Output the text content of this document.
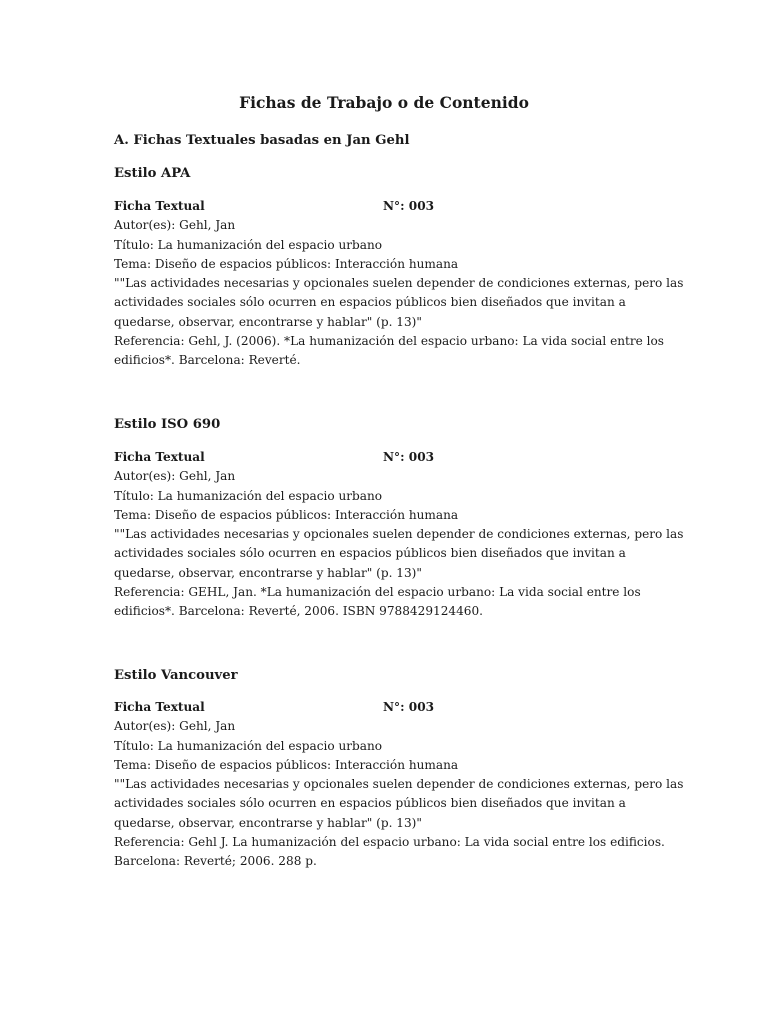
Fichas de Trabajo o de Contenido
A. Fichas Textuales basadas en Jan Gehl
Estilo APA
Ficha Textual	N°: 003
Autor(es): Gehl, Jan
Título: La humanización del espacio urbano
Tema: Diseño de espacios públicos: Interacción humana
""Las actividades necesarias y opcionales suelen depender de condiciones externas, pero las
actividades sociales sólo ocurren en espacios públicos bien diseñados que invitan a
quedarse, observar, encontrarse y hablar" (p. 13)"
Referencia: Gehl, J. (2006). *La humanización del espacio urbano: La vida social entre los
edificios*. Barcelona: Reverté.
Estilo ISO 690
Ficha Textual	N°: 003
Autor(es): Gehl, Jan
Título: La humanización del espacio urbano
Tema: Diseño de espacios públicos: Interacción humana
""Las actividades necesarias y opcionales suelen depender de condiciones externas, pero las
actividades sociales sólo ocurren en espacios públicos bien diseñados que invitan a
quedarse, observar, encontrarse y hablar" (p. 13)"
Referencia: GEHL, Jan. *La humanización del espacio urbano: La vida social entre los
edificios*. Barcelona: Reverté, 2006. ISBN 9788429124460.
Estilo Vancouver
Ficha Textual	N°: 003
Autor(es): Gehl, Jan
Título: La humanización del espacio urbano
Tema: Diseño de espacios públicos: Interacción humana
""Las actividades necesarias y opcionales suelen depender de condiciones externas, pero las
actividades sociales sólo ocurren en espacios públicos bien diseñados que invitan a
quedarse, observar, encontrarse y hablar" (p. 13)"
Referencia: Gehl J. La humanización del espacio urbano: La vida social entre los edificios.
Barcelona: Reverté; 2006. 288 p.
